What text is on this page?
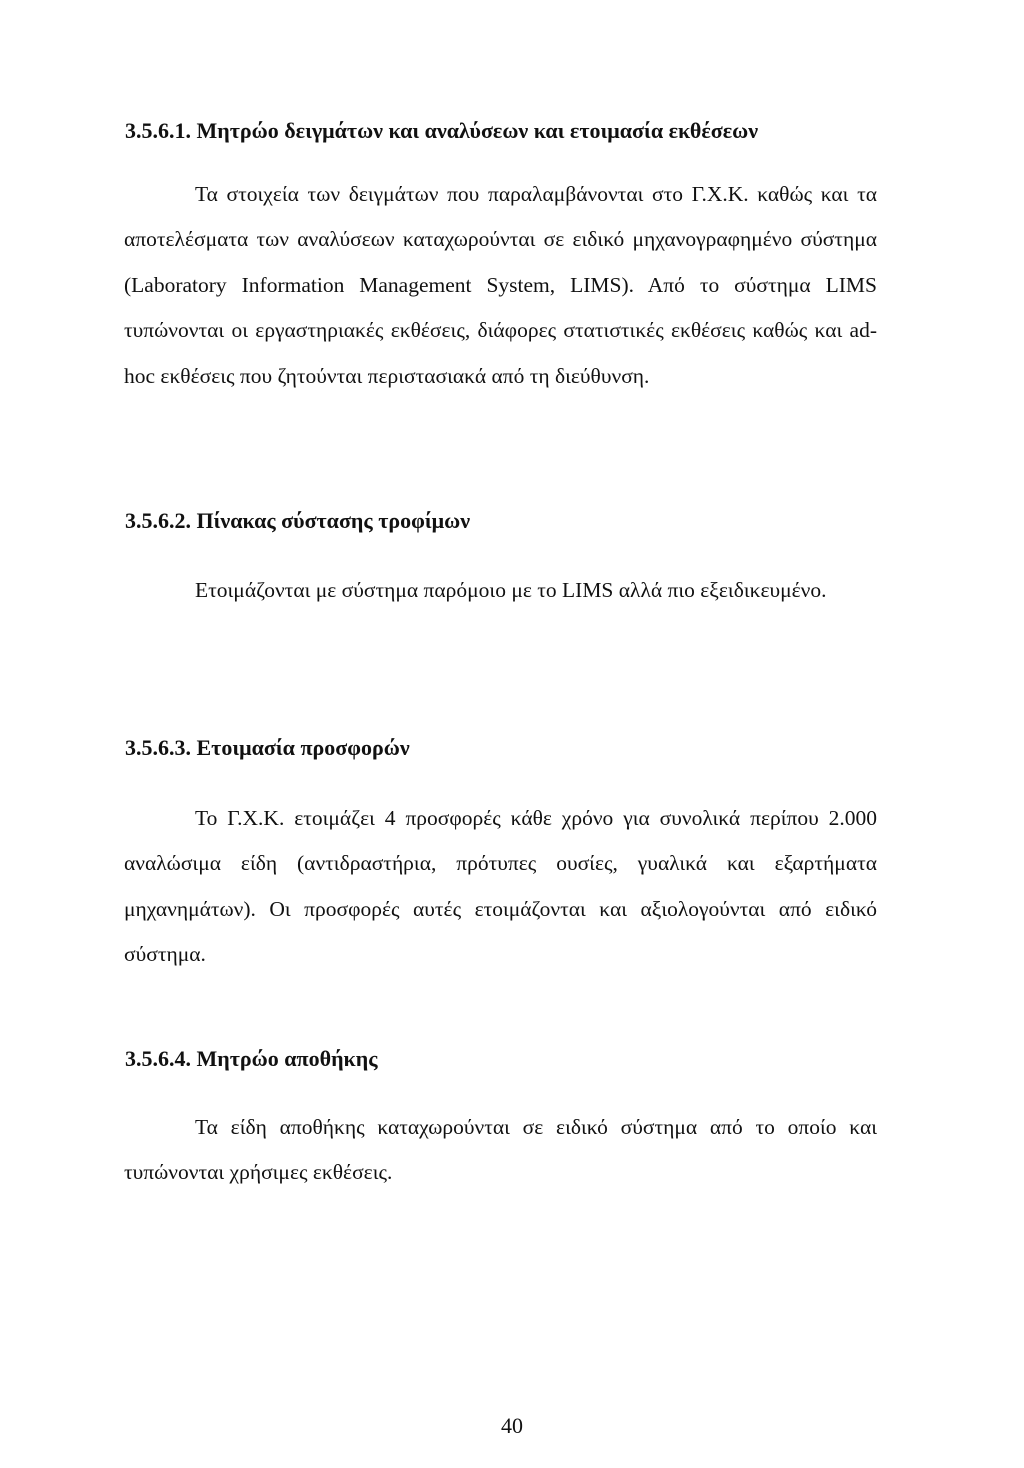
3.5.6.1. Μητρώο δειγμάτων και αναλύσεων και ετοιμασία εκθέσεων

Τα στοιχεία των δειγμάτων που παραλαμβάνονται στο Γ.Χ.Κ. καθώς και τα αποτελέσματα των αναλύσεων καταχωρούνται σε ειδικό μηχανογραφημένο σύστημα (Laboratory Information Management System, LIMS). Από το σύστημα LIMS τυπώνονται οι εργαστηριακές εκθέσεις, διάφορες στατιστικές εκθέσεις καθώς και ad-hoc εκθέσεις που ζητούνται περιστασιακά από τη διεύθυνση.

3.5.6.2. Πίνακας σύστασης τροφίμων

Ετοιμάζονται με σύστημα παρόμοιο με το LIMS αλλά πιο εξειδικευμένο.

3.5.6.3. Ετοιμασία προσφορών

Το Γ.Χ.Κ. ετοιμάζει 4 προσφορές κάθε χρόνο για συνολικά περίπου 2.000 αναλώσιμα είδη (αντιδραστήρια, πρότυπες ουσίες, γυαλικά και εξαρτήματα μηχανημάτων). Οι προσφορές αυτές ετοιμάζονται και αξιολογούνται από ειδικό σύστημα.

3.5.6.4. Μητρώο αποθήκης

Τα είδη αποθήκης καταχωρούνται σε ειδικό σύστημα από το οποίο και τυπώνονται χρήσιμες εκθέσεις.

40
